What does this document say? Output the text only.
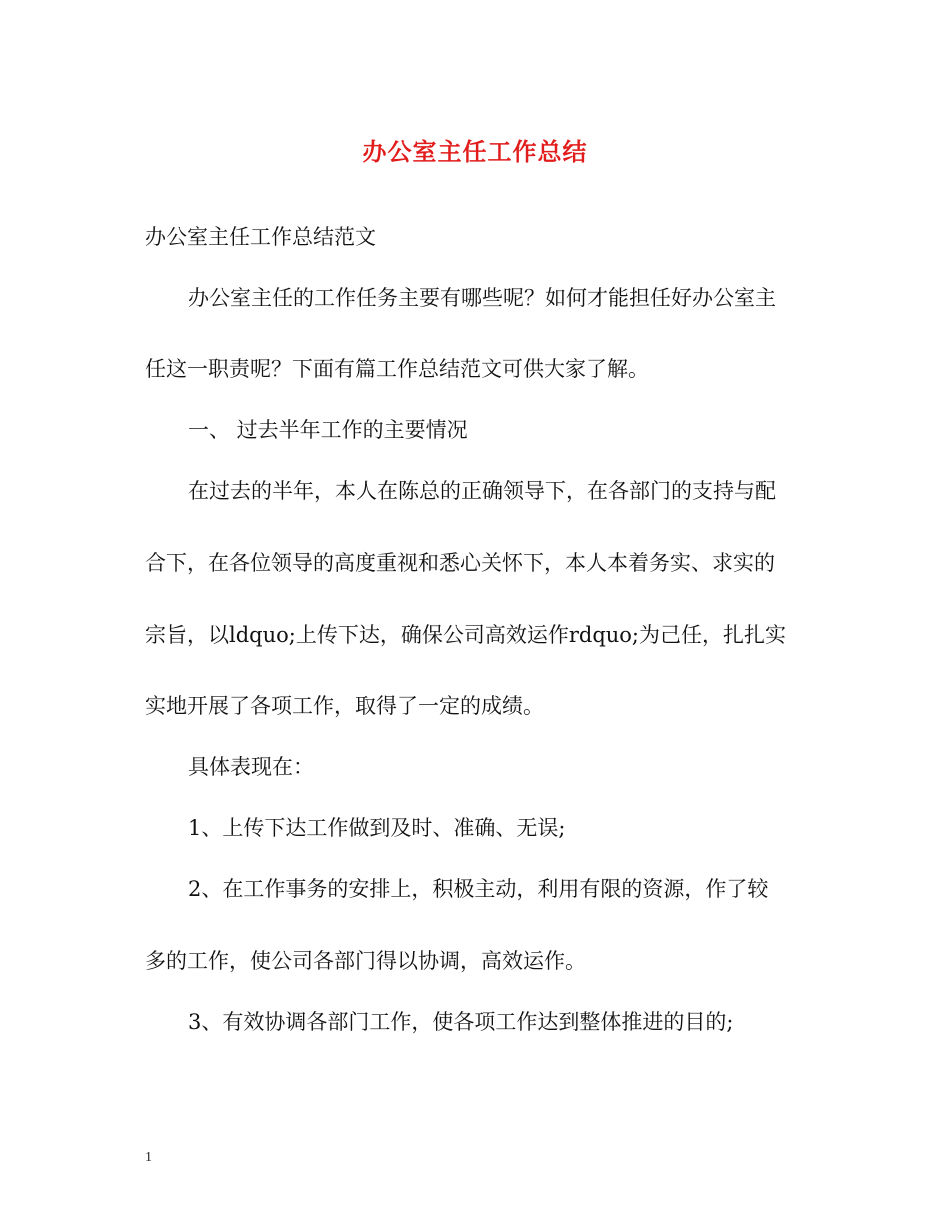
办公室主任工作总结
办公室主任工作总结范文
办公室主任的工作任务主要有哪些呢？如何才能担任好办公室主
任这一职责呢？下面有篇工作总结范文可供大家了解。
一、 过去半年工作的主要情况
在过去的半年，本人在陈总的正确领导下，在各部门的支持与配
合下，在各位领导的高度重视和悉心关怀下，本人本着务实、求实的
宗旨，以ldquo;上传下达，确保公司高效运作rdquo;为己任，扎扎实
实地开展了各项工作，取得了一定的成绩。
具体表现在：
1、上传下达工作做到及时、准确、无误;
2、在工作事务的安排上，积极主动，利用有限的资源，作了较
多的工作，使公司各部门得以协调，高效运作。
3、有效协调各部门工作，使各项工作达到整体推进的目的;
1
